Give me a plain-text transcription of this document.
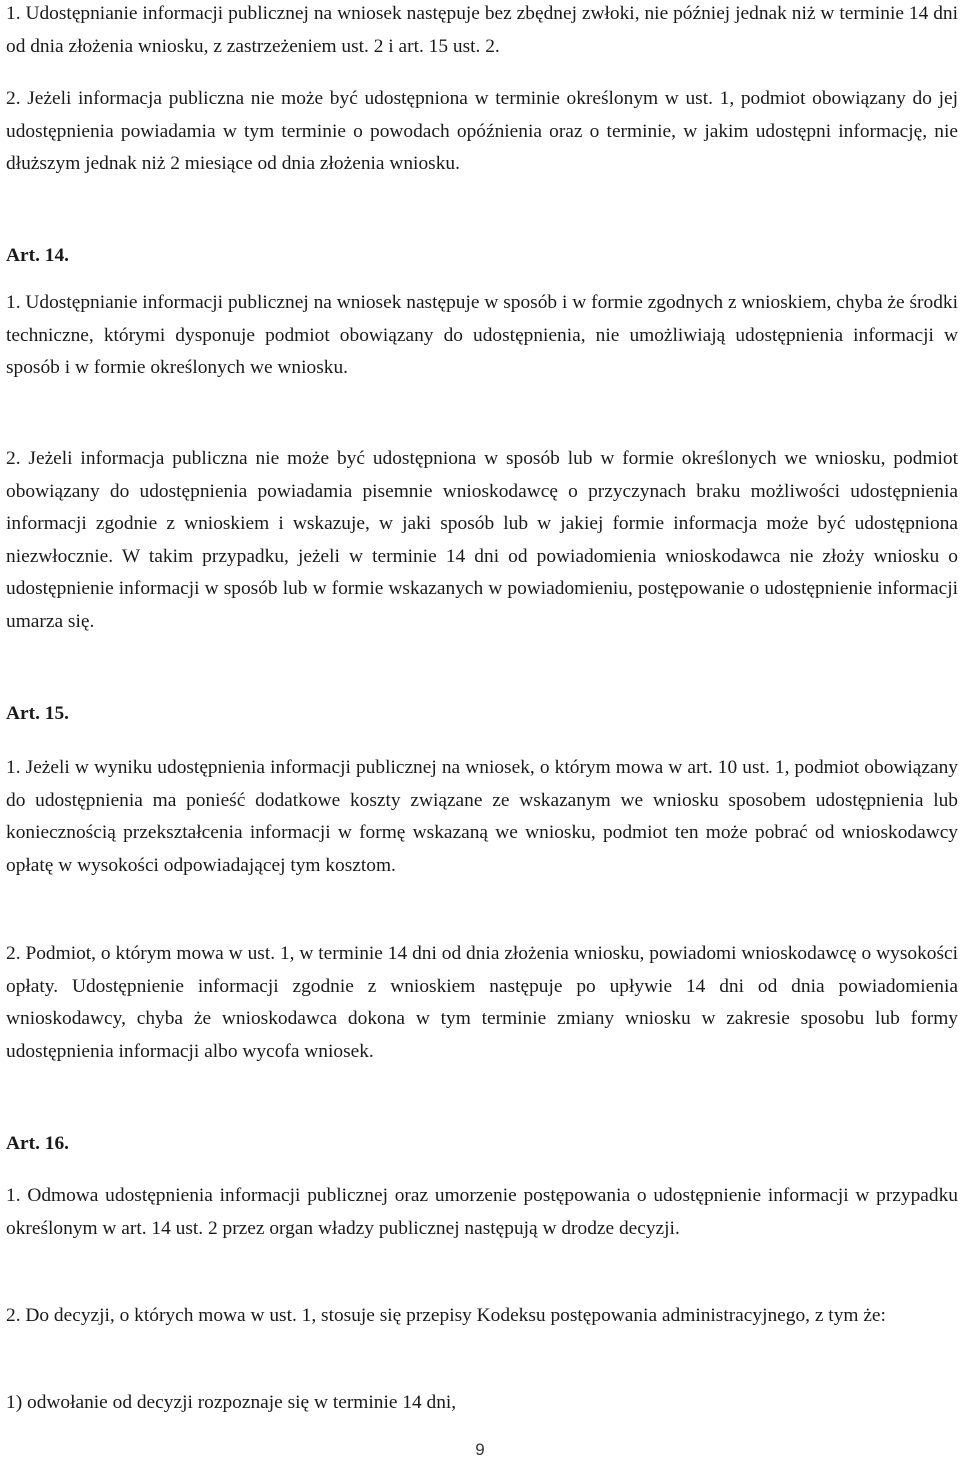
1. Udostępnianie informacji publicznej na wniosek następuje bez zbędnej zwłoki, nie później jednak niż w terminie 14 dni od dnia złożenia wniosku, z zastrzeżeniem ust. 2 i art. 15 ust. 2.

2. Jeżeli informacja publiczna nie może być udostępniona w terminie określonym w ust. 1, podmiot obowiązany do jej udostępnienia powiadamia w tym terminie o powodach opóźnienia oraz o terminie, w jakim udostępni informację, nie dłuższym jednak niż 2 miesiące od dnia złożenia wniosku.

Art. 14.

1. Udostępnianie informacji publicznej na wniosek następuje w sposób i w formie zgodnych z wnioskiem, chyba że środki techniczne, którymi dysponuje podmiot obowiązany do udostępnienia, nie umożliwiają udostępnienia informacji w sposób i w formie określonych we wniosku.

2. Jeżeli informacja publiczna nie może być udostępniona w sposób lub w formie określonych we wniosku, podmiot obowiązany do udostępnienia powiadamia pisemnie wnioskodawcę o przyczynach braku możliwości udostępnienia informacji zgodnie z wnioskiem i wskazuje, w jaki sposób lub w jakiej formie informacja może być udostępniona niezwłocznie. W takim przypadku, jeżeli w terminie 14 dni od powiadomienia wnioskodawca nie złoży wniosku o udostępnienie informacji w sposób lub w formie wskazanych w powiadomieniu, postępowanie o udostępnienie informacji umarza się.

Art. 15.

1. Jeżeli w wyniku udostępnienia informacji publicznej na wniosek, o którym mowa w art. 10 ust. 1, podmiot obowiązany do udostępnienia ma ponieść dodatkowe koszty związane ze wskazanym we wniosku sposobem udostępnienia lub koniecznością przekształcenia informacji w formę wskazaną we wniosku, podmiot ten może pobrać od wnioskodawcy opłatę w wysokości odpowiadającej tym kosztom.

2. Podmiot, o którym mowa w ust. 1, w terminie 14 dni od dnia złożenia wniosku, powiadomi wnioskodawcę o wysokości opłaty. Udostępnienie informacji zgodnie z wnioskiem następuje po upływie 14 dni od dnia powiadomienia wnioskodawcy, chyba że wnioskodawca dokona w tym terminie zmiany wniosku w zakresie sposobu lub formy udostępnienia informacji albo wycofa wniosek.

Art. 16.

1. Odmowa udostępnienia informacji publicznej oraz umorzenie postępowania o udostępnienie informacji w przypadku określonym w art. 14 ust. 2 przez organ władzy publicznej następują w drodze decyzji.

2. Do decyzji, o których mowa w ust. 1, stosuje się przepisy Kodeksu postępowania administracyjnego, z tym że:

1) odwołanie od decyzji rozpoznaje się w terminie 14 dni,

9
